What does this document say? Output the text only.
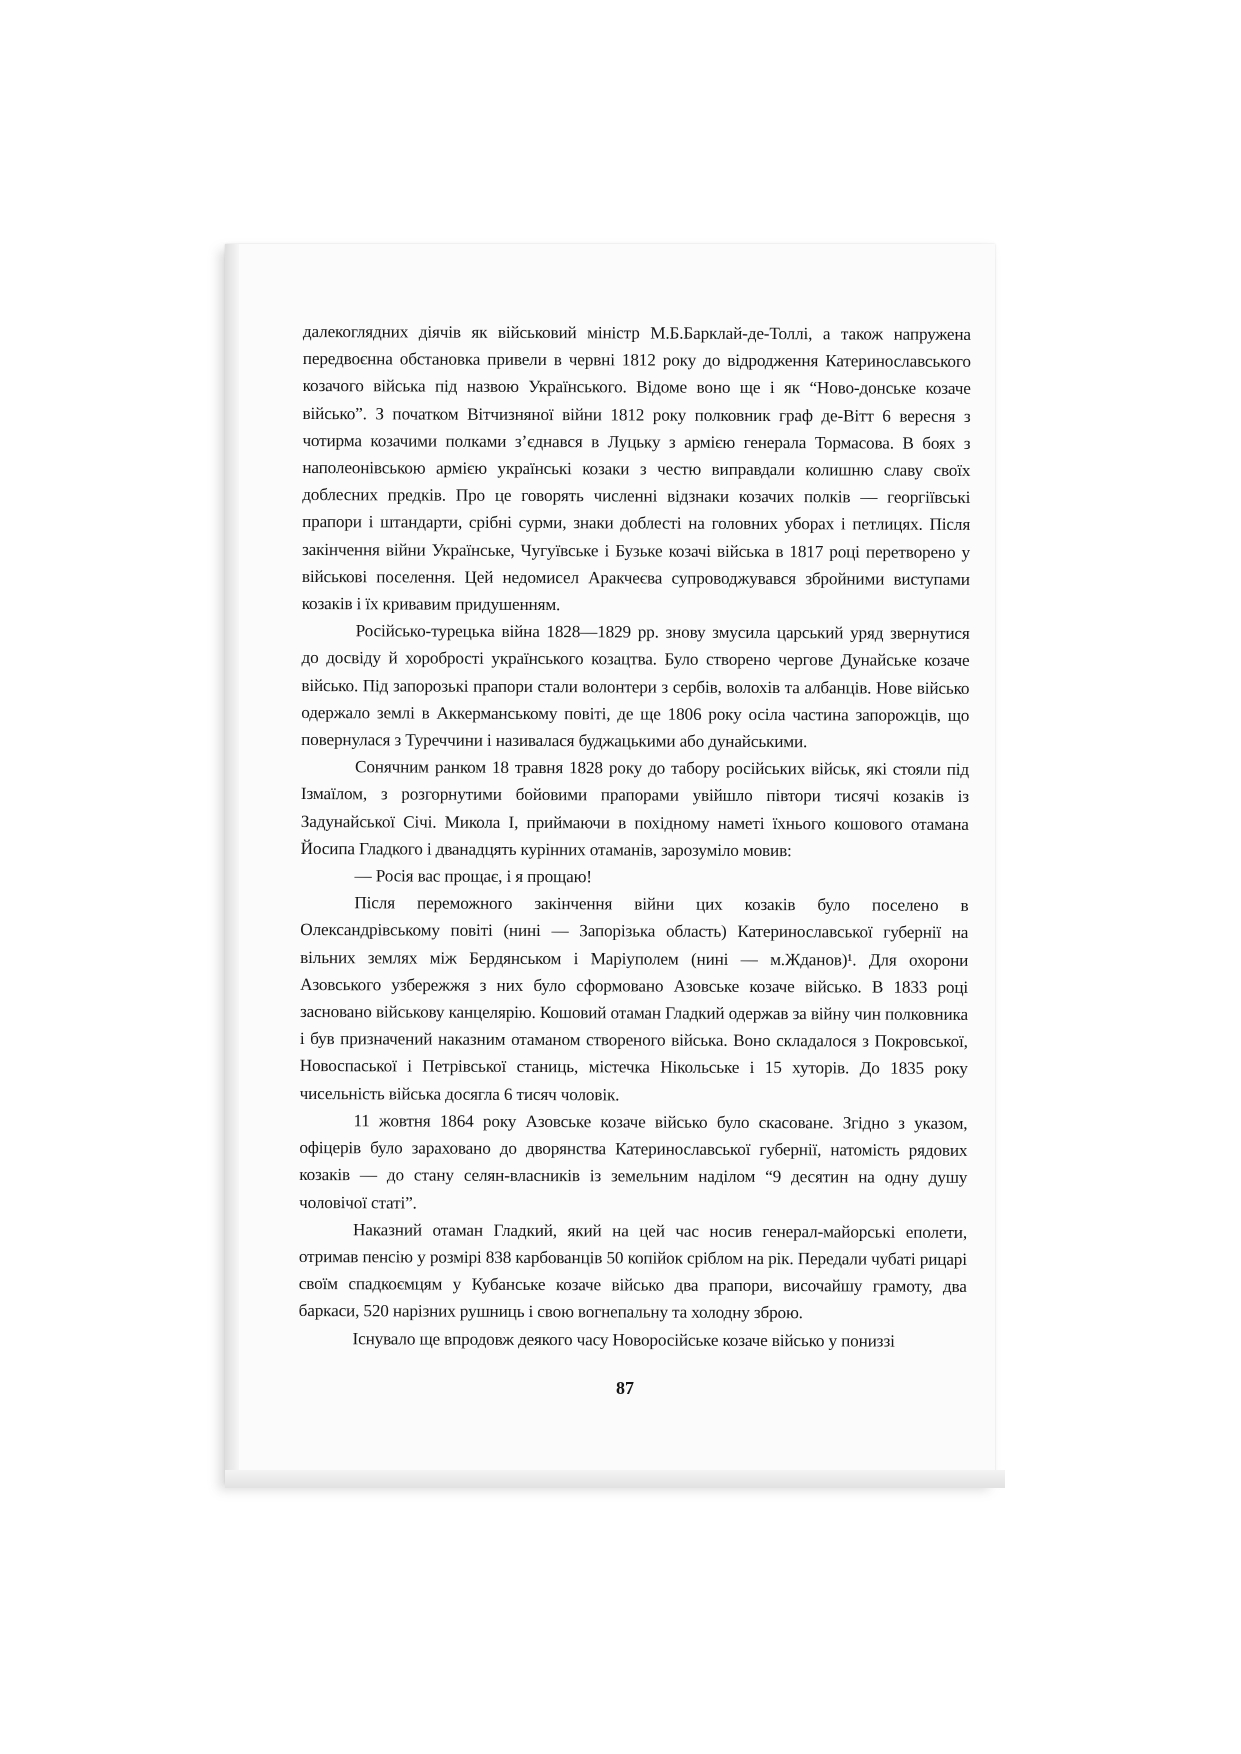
далекоглядних діячів як військовий міністр М.Б.Барклай-де-Толлі, а також напружена передвоєнна обстановка привели в червні 1812 року до відродження Катеринославського козачого війська під назвою Українського. Відоме воно ще і як “Ново-донське козаче військо”. З початком Вітчизняної війни 1812 року полковник граф де-Вітт 6 вересня з чотирма козачими полками з’єднався в Луцьку з армією генерала Тормасова. В боях з наполеонівською армією українські козаки з честю виправдали колишню славу своїх доблесних предків. Про це говорять численні відзнаки козачих полків — георгіївські прапори і штандарти, срібні сурми, знаки доблесті на головних уборах і петлицях. Після закінчення війни Українське, Чугуївське і Бузьке козачі війська в 1817 році перетворено у військові поселення. Цей недомисел Аракчеєва супроводжувався збройними виступами козаків і їх кривавим придушенням.

Російсько-турецька війна 1828—1829 рр. знову змусила царський уряд звернутися до досвіду й хоробрості українського козацтва. Було створено чергове Дунайське козаче військо. Під запорозькі прапори стали волонтери з сербів, волохів та албанців. Нове військо одержало землі в Аккерманському повіті, де ще 1806 року осіла частина запорожців, що повернулася з Туреччини і називалася буджацькими або дунайськими.

Сонячним ранком 18 травня 1828 року до табору російських військ, які стояли під Ізмаїлом, з розгорнутими бойовими прапорами увійшло півтори тисячі козаків із Задунайської Січі. Микола І, приймаючи в похідному наметі їхнього кошового отамана Йосипа Гладкого і дванадцять курінних отаманів, зарозуміло мовив:

— Росія вас прощає, і я прощаю!

Після переможного закінчення війни цих козаків було поселено в Олександрівському повіті (нині — Запорізька область) Катеринославської губернії на вільних землях між Бердянськом і Маріуполем (нині — м.Жданов)¹. Для охорони Азовського узбережжя з них було сформовано Азовське козаче військо. В 1833 році засновано військову канцелярію. Кошовий отаман Гладкий одержав за війну чин полковника і був призначений наказним отаманом створеного війська. Воно складалося з Покровської, Новоспаської і Петрівської станиць, містечка Нікольське і 15 хуторів. До 1835 року чисельність війська досягла 6 тисяч чоловік.

11 жовтня 1864 року Азовське козаче військо було скасоване. Згідно з указом, офіцерів було зараховано до дворянства Катеринославської губернії, натомість рядових козаків — до стану селян-власників із земельним наділом “9 десятин на одну душу чоловічої статі”.

Наказний отаман Гладкий, який на цей час носив генерал-майорські еполети, отримав пенсію у розмірі 838 карбованців 50 копійок сріблом на рік. Передали чубаті рицарі своїм спадкоємцям у Кубанське козаче військо два прапори, височайшу грамоту, два баркаси, 520 нарізних рушниць і свою вогнепальну та холодну зброю.

Існувало ще впродовж деякого часу Новоросійське козаче військо у пониззі

87
